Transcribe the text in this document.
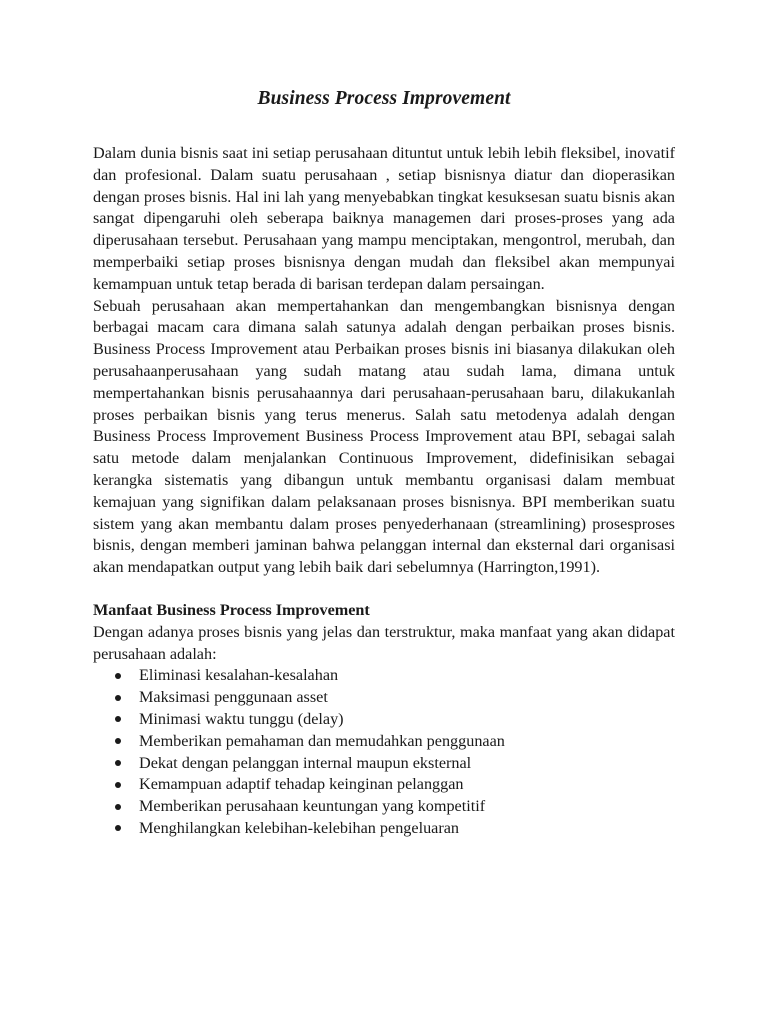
Business Process Improvement

Dalam dunia bisnis saat ini setiap perusahaan dituntut untuk lebih lebih fleksibel, inovatif dan profesional. Dalam suatu perusahaan , setiap bisnisnya diatur dan dioperasikan dengan proses bisnis. Hal ini lah yang menyebabkan tingkat kesuksesan suatu bisnis akan sangat dipengaruhi oleh seberapa baiknya managemen dari proses-proses yang ada diperusahaan tersebut. Perusahaan yang mampu menciptakan, mengontrol, merubah, dan memperbaiki setiap proses bisnisnya dengan mudah dan fleksibel akan mempunyai kemampuan untuk tetap berada di barisan terdepan dalam persaingan.

Sebuah perusahaan akan mempertahankan dan mengembangkan bisnisnya dengan berbagai macam cara dimana salah satunya adalah dengan perbaikan proses bisnis. Business Process Improvement atau Perbaikan proses bisnis ini biasanya dilakukan oleh perusahaanperusahaan yang sudah matang atau sudah lama, dimana untuk mempertahankan bisnis perusahaannya dari perusahaan-perusahaan baru, dilakukanlah proses perbaikan bisnis yang terus menerus. Salah satu metodenya adalah dengan Business Process Improvement Business Process Improvement atau BPI, sebagai salah satu metode dalam menjalankan Continuous Improvement, didefinisikan sebagai kerangka sistematis yang dibangun untuk membantu organisasi dalam membuat kemajuan yang signifikan dalam pelaksanaan proses bisnisnya. BPI memberikan suatu sistem yang akan membantu dalam proses penyederhanaan (streamlining) prosesproses bisnis, dengan memberi jaminan bahwa pelanggan internal dan eksternal dari organisasi akan mendapatkan output yang lebih baik dari sebelumnya (Harrington,1991).

Manfaat Business Process Improvement

Dengan adanya proses bisnis yang jelas dan terstruktur, maka manfaat yang akan didapat perusahaan adalah:

Eliminasi kesalahan-kesalahan
Maksimasi penggunaan asset
Minimasi waktu tunggu (delay)
Memberikan pemahaman dan memudahkan penggunaan
Dekat dengan pelanggan internal maupun eksternal
Kemampuan adaptif tehadap keinginan pelanggan
Memberikan perusahaan keuntungan yang kompetitif
Menghilangkan kelebihan-kelebihan pengeluaran
